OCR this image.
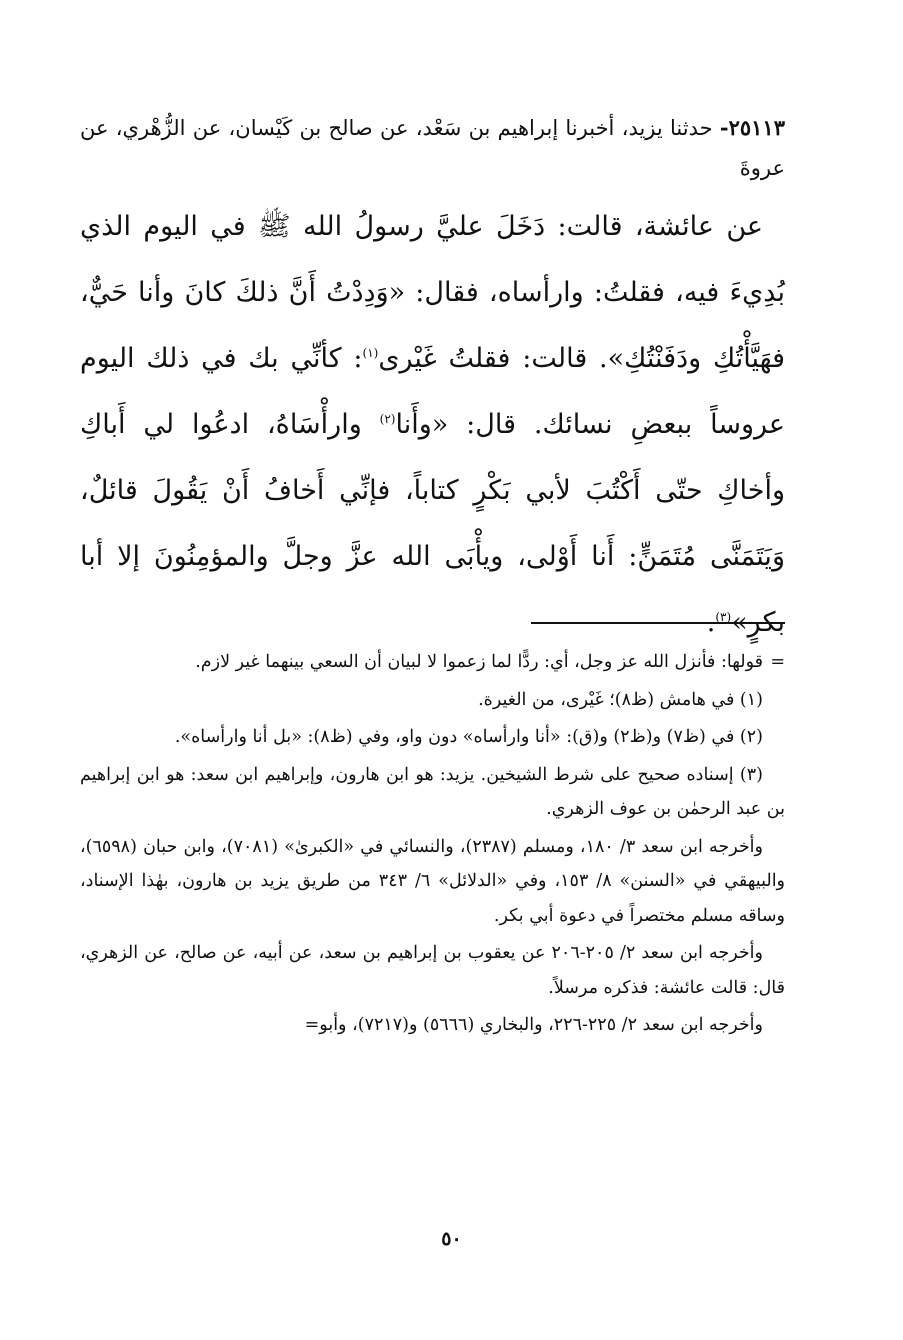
٢٥١١٣- حدثنا يزيد، أخبرنا إبراهيم بن سَعْد، عن صالح بن كَيْسان، عن الزُّهْري، عن عروةَ

عن عائشة، قالت: دَخَلَ عليَّ رسولُ الله ﷺ في اليوم الذي بُدِيءَ فيه، فقلتُ: وارأساه، فقال: «وَدِدْتُ أَنَّ ذلكَ كانَ وأنا حَيٌّ، فهَيَّأْتُكِ ودَفَنْتُكِ». قالت: فقلتُ غَيْرى$^{(١)}$: كأنِّي بك في ذلك اليوم عروساً ببعضِ نسائك. قال: «وأَنا$^{(٢)}$ وارأْسَاهُ، ادعُوا لي أَباكِ وأخاكِ حتّى أَكْتُبَ لأبي بَكْرٍ كتاباً، فإنِّي أَخافُ أَنْ يَقُولَ قائلٌ، وَيَتَمَنَّى مُتَمَنٍّ: أَنا أَوْلى، ويأْبَى الله عزَّ وجلَّ والمؤمِنُونَ إلا أبا بكرٍ»$^{(٣)}$.

=قولها: فأنزل الله عز وجل، أي: ردًّا لما زعموا لا لبيان أن السعي بينهما غير لازم.

(١) في هامش (ظ٨)؛ غَيْرى، من الغيرة.

(٢) في (ظ٧) و(ظ٢) و(ق): «أنا وارأساه» دون واو، وفي (ظ٨): «بل أنا وارأساه».

(٣) إسناده صحيح على شرط الشيخين. يزيد: هو ابن هارون، وإبراهيم ابن سعد: هو ابن إبراهيم بن عبد الرحمٰن بن عوف الزهري.

وأخرجه ابن سعد ٣/ ١٨٠، ومسلم (٢٣٨٧)، والنسائي في «الكبرىٰ» (٧٠٨١)، وابن حبان (٦٥٩٨)، والبيهقي في «السنن» ٨/ ١٥٣، وفي «الدلائل» ٦/ ٣٤٣ من طريق يزيد بن هارون، بهٰذا الإسناد، وساقه مسلم مختصراً في دعوة أبي بكر.

وأخرجه ابن سعد ٢/ ٢٠٥-٢٠٦ عن يعقوب بن إبراهيم بن سعد، عن أبيه، عن صالح، عن الزهري، قال: قالت عائشة: فذكره مرسلاً.

وأخرجه ابن سعد ٢/ ٢٢٥-٢٢٦، والبخاري (٥٦٦٦) و(٧٢١٧)، وأبو=

٥٠
